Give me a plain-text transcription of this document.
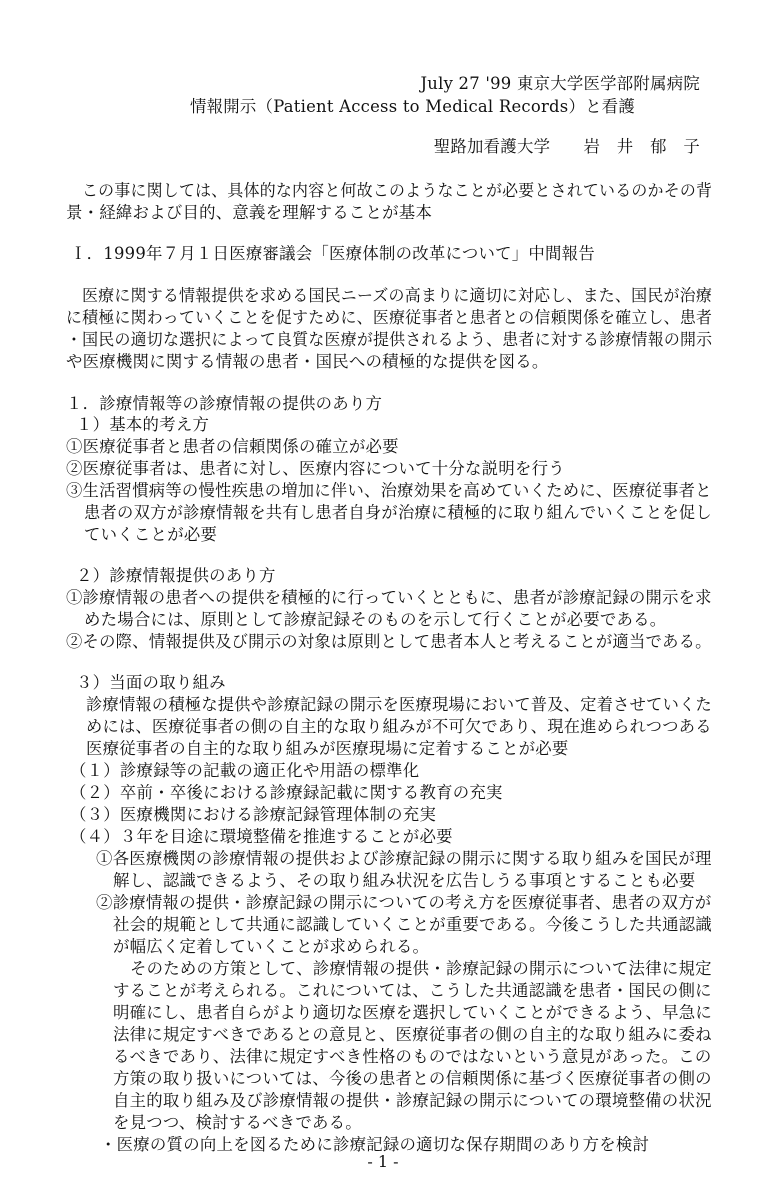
July 27 '99 東京大学医学部附属病院

情報開示（Patient Access to Medical Records）と看護

聖路加看護大学　　岩　井　郁　子

この事に関しては、具体的な内容と何故このようなことが必要とされているのかその背

景・経緯および目的、意義を理解することが基本

Ｉ．1999年７月１日医療審議会「医療体制の改革について」中間報告

医療に関する情報提供を求める国民ニーズの高まりに適切に対応し、また、国民が治療

に積極に関わっていくことを促すために、医療従事者と患者との信頼関係を確立し、患者

・国民の適切な選択によって良質な医療が提供されるよう、患者に対する診療情報の開示

や医療機関に関する情報の患者・国民への積極的な提供を図る。

１．診療情報等の診療情報の提供のあり方

１）基本的考え方

①医療従事者と患者の信頼関係の確立が必要

②医療従事者は、患者に対し、医療内容について十分な説明を行う

③生活習慣病等の慢性疾患の増加に伴い、治療効果を高めていくために、医療従事者と

患者の双方が診療情報を共有し患者自身が治療に積極的に取り組んでいくことを促し

ていくことが必要

２）診療情報提供のあり方

①診療情報の患者への提供を積極的に行っていくとともに、患者が診療記録の開示を求

めた場合には、原則として診療記録そのものを示して行くことが必要である。

②その際、情報提供及び開示の対象は原則として患者本人と考えることが適当である。

３）当面の取り組み

診療情報の積極な提供や診療記録の開示を医療現場において普及、定着させていくた

めには、医療従事者の側の自主的な取り組みが不可欠であり、現在進められつつある

医療従事者の自主的な取り組みが医療現場に定着することが必要

（１）診療録等の記載の適正化や用語の標準化

（２）卒前・卒後における診療録記載に関する教育の充実

（３）医療機関における診療記録管理体制の充実

（４）３年を目途に環境整備を推進することが必要

①各医療機関の診療情報の提供および診療記録の開示に関する取り組みを国民が理

解し、認識できるよう、その取り組み状況を広告しうる事項とすることも必要

②診療情報の提供・診療記録の開示についての考え方を医療従事者、患者の双方が

社会的規範として共通に認識していくことが重要である。今後こうした共通認識

が幅広く定着していくことが求められる。

そのための方策として、診療情報の提供・診療記録の開示について法律に規定

することが考えられる。これについては、こうした共通認識を患者・国民の側に

明確にし、患者自らがより適切な医療を選択していくことができるよう、早急に

法律に規定すべきであるとの意見と、医療従事者の側の自主的な取り組みに委ね

るべきであり、法律に規定すべき性格のものではないという意見があった。この

方策の取り扱いについては、今後の患者との信頼関係に基づく医療従事者の側の

自主的取り組み及び診療情報の提供・診療記録の開示についての環境整備の状況

を見つつ、検討するべきである。

・医療の質の向上を図るために診療記録の適切な保存期間のあり方を検討

- 1 -
